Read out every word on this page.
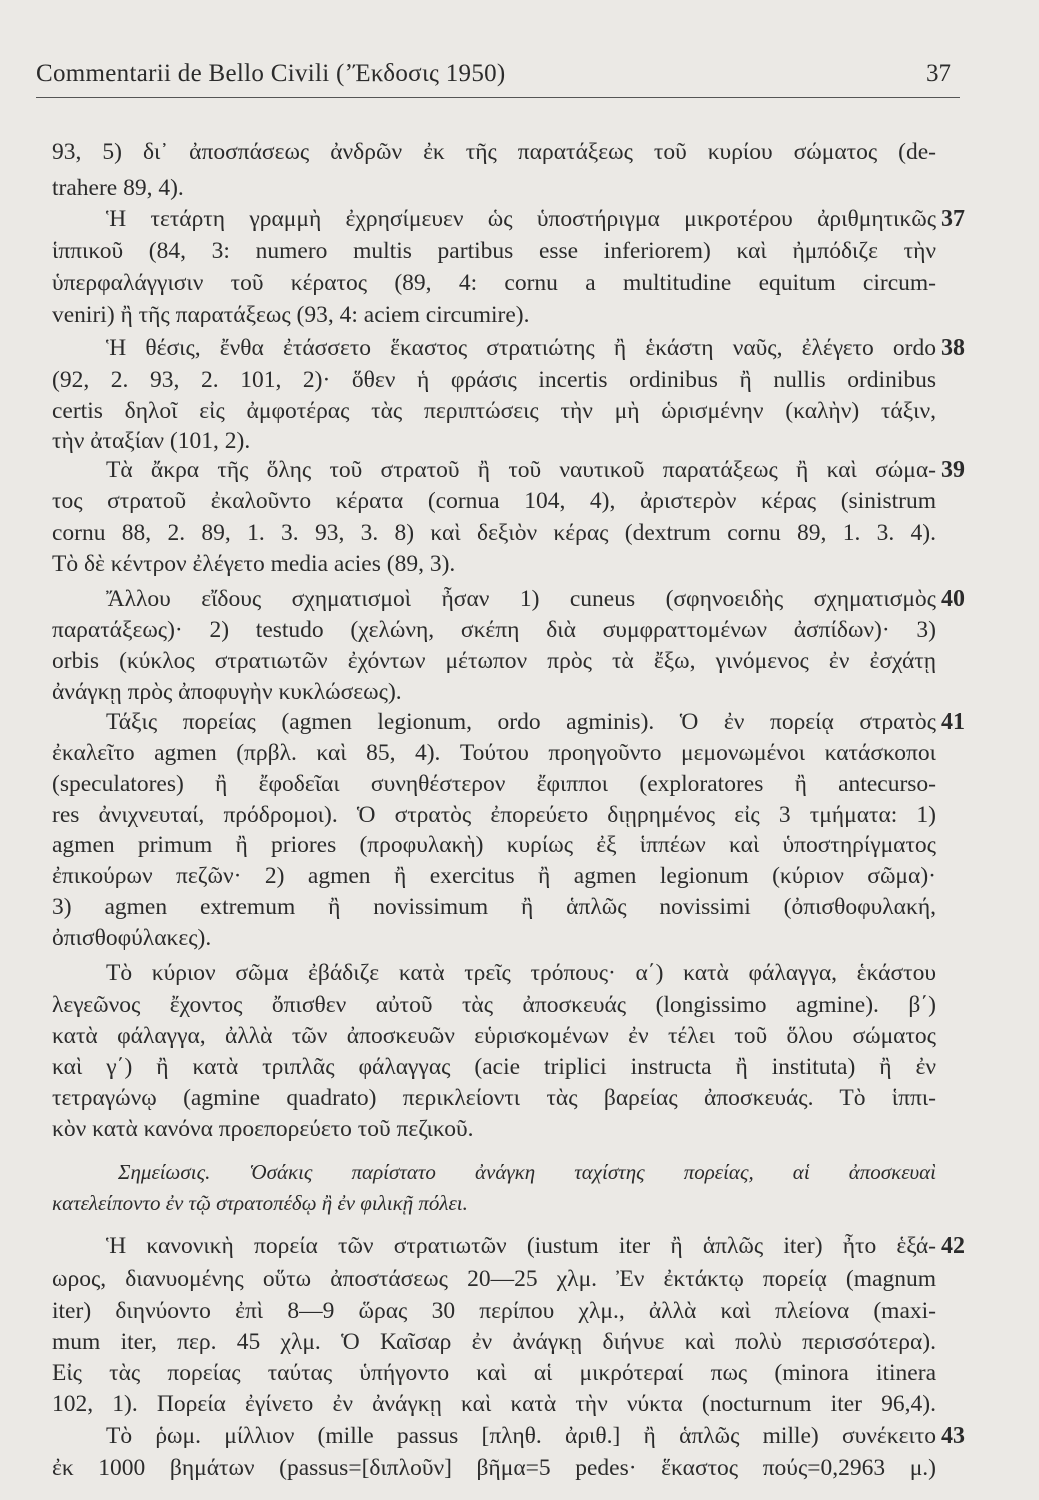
Commentarii de Bello Civili (ʼΈκδοσις 1950)	37
93, 5) δι᾽ ἀποσπάσεως ἀνδρῶν ἐκ τῆς παρατάξεως τοῦ κυρίου σώματος (de-
trahere 89, 4).
Ἡ τετάρτη γραμμὴ ἐχρησίμευεν ὡς ὑποστήριγμα μικροτέρου ἀριθμητικῶς
ἱππικοῦ (84, 3: numero multis partibus esse inferiorem) καὶ ἠμπόδιζε τὴν
ὑπερφαλάγγισιν τοῦ κέρατος (89, 4: cornu a multitudine equitum circum-
veniri) ἢ τῆς παρατάξεως (93, 4: aciem circumire).
Ἡ θέσις, ἔνθα ἐτάσσετο ἕκαστος στρατιώτης ἢ ἑκάστη ναῦς, ἐλέγετο ordo
(92, 2. 93, 2. 101, 2)· ὅθεν ἡ φράσις incertis ordinibus ἢ nullis ordinibus
certis δηλοῖ εἰς ἀμφοτέρας τὰς περιπτώσεις τὴν μὴ ὡρισμένην (καλὴν) τάξιν,
τὴν ἀταξίαν (101, 2).
Τὰ ἄκρα τῆς ὅλης τοῦ στρατοῦ ἢ τοῦ ναυτικοῦ παρατάξεως ἢ καὶ σώμα-
τος στρατοῦ ἐκαλοῦντο κέρατα (cornua 104, 4), ἀριστερὸν κέρας (sinistrum
cornu 88, 2. 89, 1. 3. 93, 3. 8) καὶ δεξιὸν κέρας (dextrum cornu 89, 1. 3. 4).
Τὸ δὲ κέντρον ἐλέγετο media acies (89, 3).
Ἄλλου εἴδους σχηματισμοὶ ἦσαν 1) cuneus (σφηνοειδὴς σχηματισμὸς
παρατάξεως)· 2) testudo (χελώνη, σκέπη διὰ συμφραττομένων ἀσπίδων)· 3)
orbis (κύκλος στρατιωτῶν ἐχόντων μέτωπον πρὸς τὰ ἔξω, γινόμενος ἐν ἐσχάτῃ
ἀνάγκῃ πρὸς ἀποφυγὴν κυκλώσεως).
Τάξις πορείας (agmen legionum, ordo agminis). Ὁ ἐν πορείᾳ στρατὸς
ἐκαλεῖτο agmen (πρβλ. καὶ 85, 4). Τούτου προηγοῦντο μεμονωμένοι κατάσκοποι
(speculatores) ἢ ἔφοδεῖαι συνηθέστερον ἔφιπποι (exploratores ἢ antecurso-
res ἀνιχνευταί, πρόδρομοι). Ὁ στρατὸς ἐπορεύετο διῃρημένος εἰς 3 τμήματα: 1)
agmen primum ἢ priores (προφυλακὴ) κυρίως ἐξ ἱππέων καὶ ὑποστηρίγματος
ἐπικούρων πεζῶν· 2) agmen ἢ exercitus ἢ agmen legionum (κύριον σῶμα)·
3) agmen extremum ἢ novissimum ἢ ἁπλῶς novissimi (ὀπισθοφυλακή,
ὀπισθοφύλακες).
Τὸ κύριον σῶμα ἐβάδιζε κατὰ τρεῖς τρόπους· α΄) κατὰ φάλαγγα, ἑκάστου
λεγεῶνος ἔχοντος ὄπισθεν αὐτοῦ τὰς ἀποσκευάς (longissimo agmine). β΄)
κατὰ φάλαγγα, ἀλλὰ τῶν ἀποσκευῶν εὑρισκομένων ἐν τέλει τοῦ ὅλου σώματος
καὶ γ΄) ἢ κατὰ τριπλᾶς φάλαγγας (acie triplici instructa ἢ instituta) ἢ ἐν
τετραγώνῳ (agmine quadrato) περικλείοντι τὰς βαρείας ἀποσκευάς. Τὸ ἱππι-
κὸν κατὰ κανόνα προεπορεύετο τοῦ πεζικοῦ.
Σημείωσις. Ὁσάκις παρίστατο ἀνάγκη ταχίστης πορείας, αἱ ἀποσκευαὶ
κατελείποντο ἐν τῷ στρατοπέδῳ ἢ ἐν φιλικῇ πόλει.
Ἡ κανονικὴ πορεία τῶν στρατιωτῶν (iustum iter ἢ ἁπλῶς iter) ἦτο ἑξά-
ωρος, διανυομένης οὕτω ἀποστάσεως 20—25 χλμ. Ἐν ἐκτάκτῳ πορείᾳ (magnum
iter) διηνύοντο ἐπὶ 8—9 ὥρας 30 περίπου χλμ., ἀλλὰ καὶ πλείονα (maxi-
mum iter, περ. 45 χλμ. Ὁ Καῖσαρ ἐν ἀνάγκῃ διήνυε καὶ πολὺ περισσότερα).
Εἰς τὰς πορείας ταύτας ὑπήγοντο καὶ αἱ μικρότεραί πως (minora itinera
102, 1). Πορεία ἐγίνετο ἐν ἀνάγκῃ καὶ κατὰ τὴν νύκτα (nocturnum iter 96,4).
Τὸ ῥωμ. μίλλιον (mille passus [πληθ. ἀριθ.] ἢ ἁπλῶς mille) συνέκειτο
ἐκ 1000 βημάτων (passus=[διπλοῦν] βῆμα=5 pedes· ἕκαστος πούς=0,2963 μ.)
37
38
39
40
41
42
43
